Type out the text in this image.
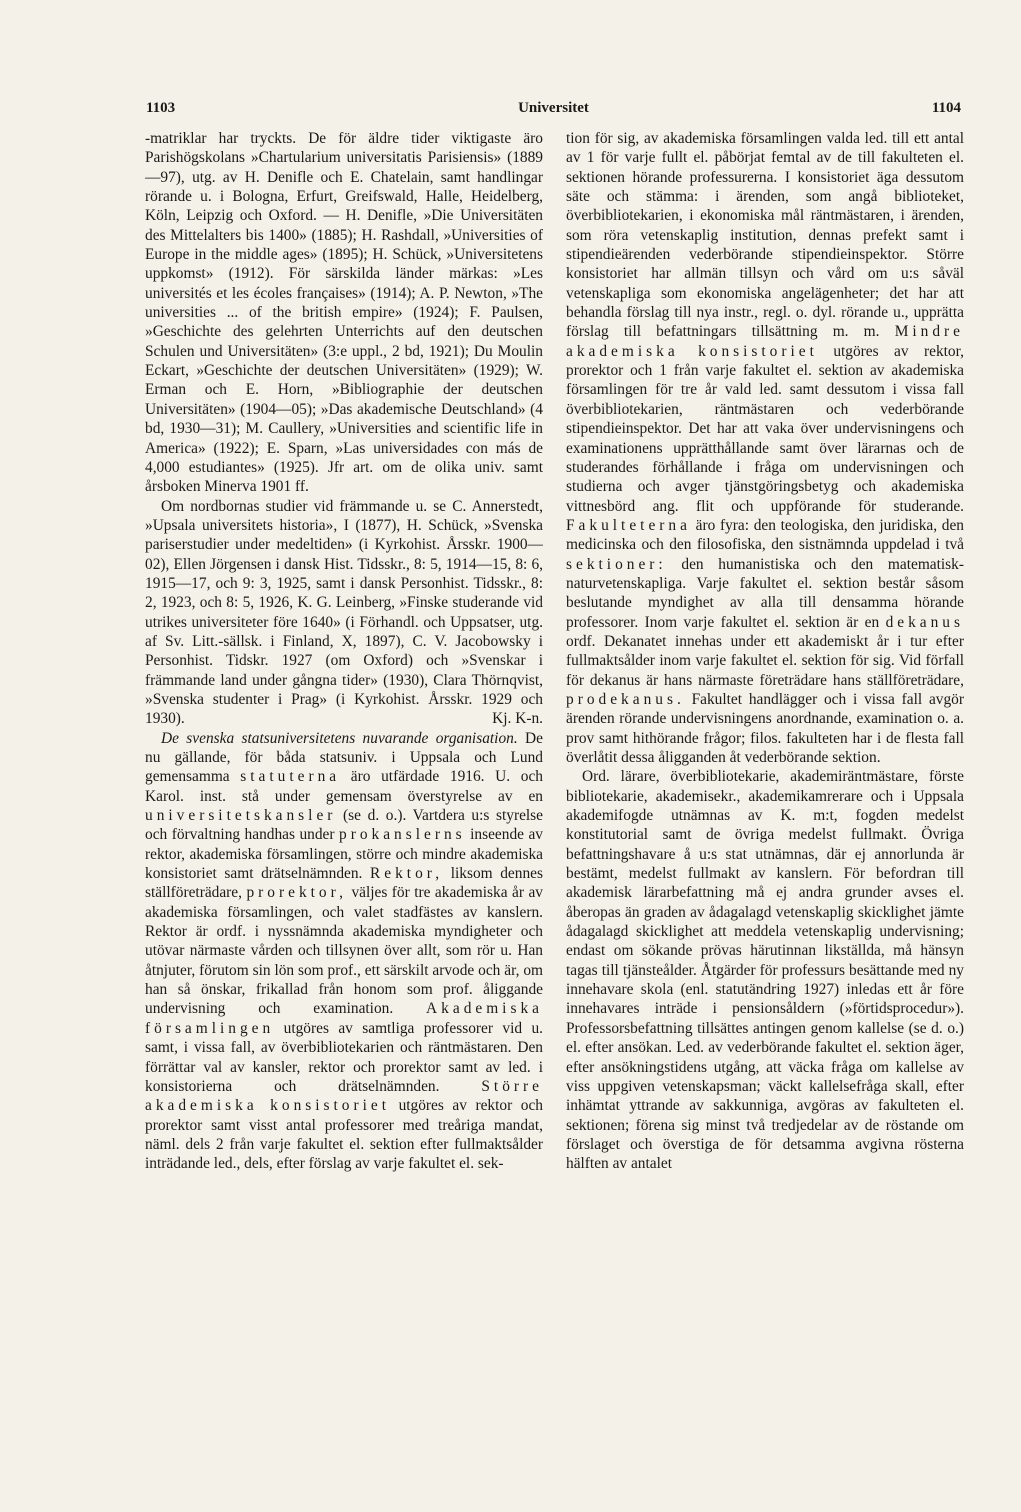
1103	Universitet	1104

-matriklar har tryckts. De för äldre tider viktigaste äro Parishögskolans »Chartularium universitatis Parisiensis» (1889—97), utg. av H. Denifle och E. Chatelain, samt handlingar rörande u. i Bologna, Erfurt, Greifswald, Halle, Heidelberg, Köln, Leipzig och Oxford. — H. Denifle, »Die Universitäten des Mittelalters bis 1400» (1885); H. Rashdall, »Universities of Europe in the middle ages» (1895); H. Schück, »Universitetens uppkomst» (1912). För särskilda länder märkas: »Les universités et les écoles françaises» (1914); A. P. Newton, »The universities ... of the british empire» (1924); F. Paulsen, »Geschichte des gelehrten Unterrichts auf den deutschen Schulen und Universitäten» (3:e uppl., 2 bd, 1921); Du Moulin Eckart, »Geschichte der deutschen Universitäten» (1929); W. Erman och E. Horn, »Bibliographie der deutschen Universitäten» (1904—05); »Das akademische Deutschland» (4 bd, 1930—31); M. Caullery, »Universities and scientific life in America» (1922); E. Sparn, »Las universidades con más de 4,000 estudiantes» (1925). Jfr art. om de olika univ. samt årsboken Minerva 1901 ff.

Om nordbornas studier vid främmande u. se C. Annerstedt, »Upsala universitets historia», I (1877), H. Schück, »Svenska pariserstudier under medeltiden» (i Kyrkohist. Årsskr. 1900—02), Ellen Jörgensen i dansk Hist. Tidsskr., 8: 5, 1914—15, 8: 6, 1915—17, och 9: 3, 1925, samt i dansk Personhist. Tidsskr., 8: 2, 1923, och 8: 5, 1926, K. G. Leinberg, »Finske studerande vid utrikes universiteter före 1640» (i Förhandl. och Uppsatser, utg. af Sv. Litt.-sällsk. i Finland, X, 1897), C. V. Jacobowsky i Personhist. Tidskr. 1927 (om Oxford) och »Svenskar i främmande land under gångna tider» (1930), Clara Thörnqvist, »Svenska studenter i Prag» (i Kyrkohist. Årsskr. 1929 och 1930).	Kj. K-n.

De svenska statsuniversitetens nuvarande organisation. De nu gällande, för båda statsuniv. i Uppsala och Lund gemensamma statuterna äro utfärdade 1916. U. och Karol. inst. stå under gemensam överstyrelse av en universitetskansler (se d. o.). Vartdera u:s styrelse och förvaltning handhas under prokanslerns inseende av rektor, akademiska församlingen, större och mindre akademiska konsistoriet samt drätselnämnden. Rektor, liksom dennes ställföreträdare, prorektor, väljes för tre akademiska år av akademiska församlingen, och valet stadfästes av kanslern. Rektor är ordf. i nyssnämnda akademiska myndigheter och utövar närmaste vården och tillsynen över allt, som rör u. Han åtnjuter, förutom sin lön som prof., ett särskilt arvode och är, om han så önskar, frikallad från honom som prof. åliggande undervisning och examination. Akademiska församlingen utgöres av samtliga professorer vid u. samt, i vissa fall, av överbibliotekarien och räntmästaren. Den förrättar val av kansler, rektor och prorektor samt av led. i konsistorierna och drätselnämnden.	Större akademiska konsistoriet utgöres av rektor och prorektor samt visst antal professorer med treåriga mandat, näml. dels 2 från varje fakultet el. sektion efter fullmaktsålder inträdande led., dels, efter förslag av varje fakultet el. sek-

tion för sig, av akademiska församlingen valda led. till ett antal av 1 för varje fullt el. påbörjat femtal av de till fakulteten el. sektionen hörande professurerna. I konsistoriet äga dessutom säte och stämma: i ärenden, som angå biblioteket, överbibliotekarien, i ekonomiska mål räntmästaren, i ärenden, som röra vetenskaplig institution, dennas prefekt samt i stipendieärenden vederbörande stipendieinspektor. Större konsistoriet har allmän tillsyn och vård om u:s såväl vetenskapliga som ekonomiska angelägenheter; det har att behandla förslag till nya instr., regl. o. dyl. rörande u., upprätta förslag till befattningars tillsättning m. m. Mindre akademiska konsistoriet utgöres av rektor, prorektor och 1 från varje fakultet el. sektion av akademiska församlingen för tre år vald led. samt dessutom i vissa fall överbibliotekarien, räntmästaren och vederbörande stipendieinspektor. Det har att vaka över undervisningens och examinationens upprätthållande samt över lärarnas och de studerandes förhållande i fråga om undervisningen och studierna och avger tjänstgöringsbetyg och akademiska vittnesbörd ang. flit och uppförande för studerande. Fakulteterna äro fyra: den teologiska, den juridiska, den medicinska och den filosofiska, den sistnämnda uppdelad i två sektioner: den humanistiska och den matematisk-naturvetenskapliga. Varje fakultet el. sektion består såsom beslutande myndighet av alla till densamma hörande professorer. Inom varje fakultet el. sektion är en dekanus ordf. Dekanatet innehas under ett akademiskt år i tur efter fullmaktsålder inom varje fakultet el. sektion för sig. Vid förfall för dekanus är hans närmaste företrädare hans ställföreträdare, prodekanus. Fakultet handlägger och i vissa fall avgör ärenden rörande undervisningens anordnande, examination o. a. prov samt hithörande frågor; filos. fakulteten har i de flesta fall överlåtit dessa åligganden åt vederbörande sektion.

Ord. lärare, överbibliotekarie, akademiräntmästare, förste bibliotekarie, akademisekr., akademikamrerare och i Uppsala akademifogde utnämnas av K. m:t, fogden medelst konstitutorial samt de övriga medelst fullmakt. Övriga befattningshavare å u:s stat utnämnas, där ej annorlunda är bestämt, medelst fullmakt av kanslern. För befordran till akademisk lärarbefattning må ej andra grunder avses el. åberopas än graden av ådagalagd vetenskaplig skicklighet jämte ådagalagd skicklighet att meddela vetenskaplig undervisning; endast om sökande prövas härutinnan likställda, må hänsyn tagas till tjänsteålder. Åtgärder för professurs besättande med ny innehavare skola (enl. statutändring 1927) inledas ett år före innehavares inträde i pensionsåldern (»förtidsprocedur»). Professorsbefattning tillsättes antingen genom kallelse (se d. o.) el. efter ansökan. Led. av vederbörande fakultet el. sektion äger, efter ansökningstidens utgång, att väcka fråga om kallelse av viss uppgiven vetenskapsman; väckt kallelsefråga skall, efter inhämtat yttrande av sakkunniga, avgöras av fakulteten el. sektionen; förena sig minst två tredjedelar av de röstande om förslaget och överstiga de för detsamma avgivna rösterna hälften av antalet
